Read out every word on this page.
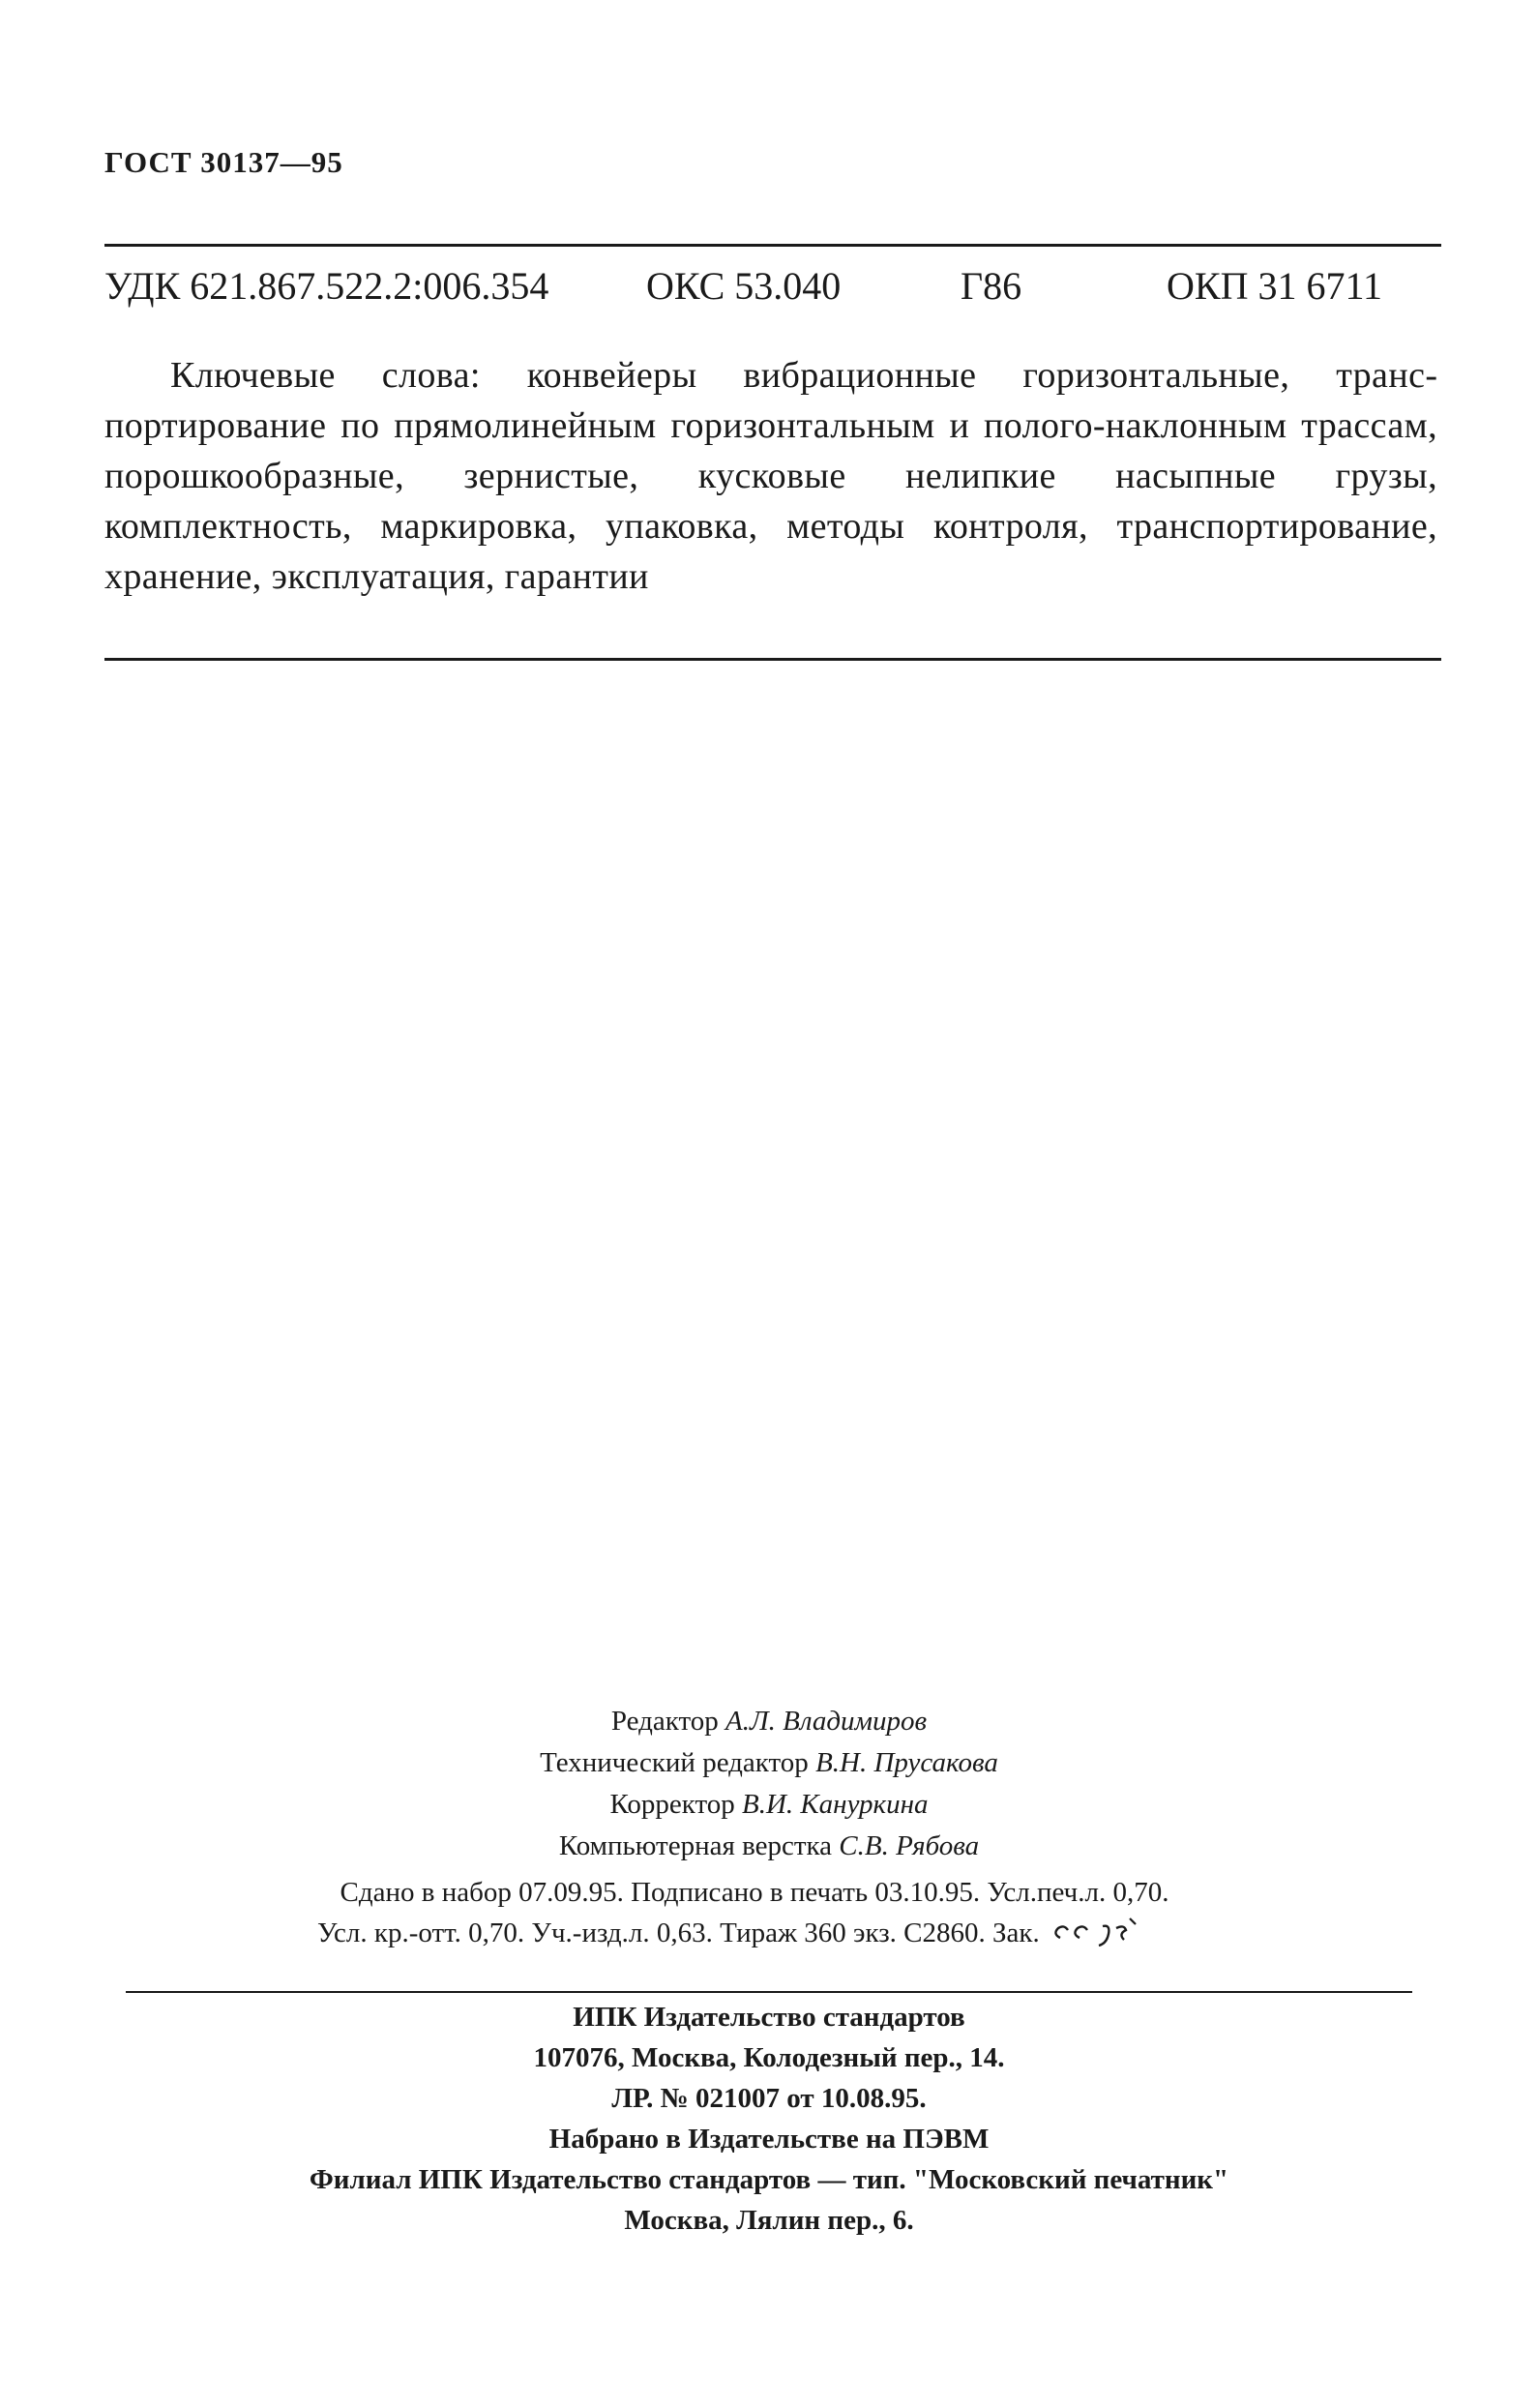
ГОСТ 30137—95
УДК 621.867.522.2:006.354	ОКС 53.040	Г86	ОКП 31 6711
Ключевые слова: конвейеры вибрационные горизонтальные, транспортирование по прямолинейным горизонтальным и полого-наклонным трассам, порошкообразные, зернистые, кусковые нелипкие насыпные грузы, комплектность, маркировка, упаковка, методы контроля, транспортирование, хранение, эксплуатация, гарантии
Редактор А.Л. Владимиров
Технический редактор В.Н. Прусакова
Корректор В.И. Кануркина
Компьютерная верстка С.В. Рябова
Сдано в набор 07.09.95. Подписано в печать 03.10.95. Усл.печ.л. 0,70.
Усл. кр.-отт. 0,70. Уч.-изд.л. 0,63. Тираж 360 экз. С2860. Зак.
ИПК Издательство стандартов
107076, Москва, Колодезный пер., 14.
ЛР. № 021007 от 10.08.95.
Набрано в Издательстве на ПЭВМ
Филиал ИПК Издательство стандартов — тип. "Московский печатник"
Москва, Лялин пер., 6.
